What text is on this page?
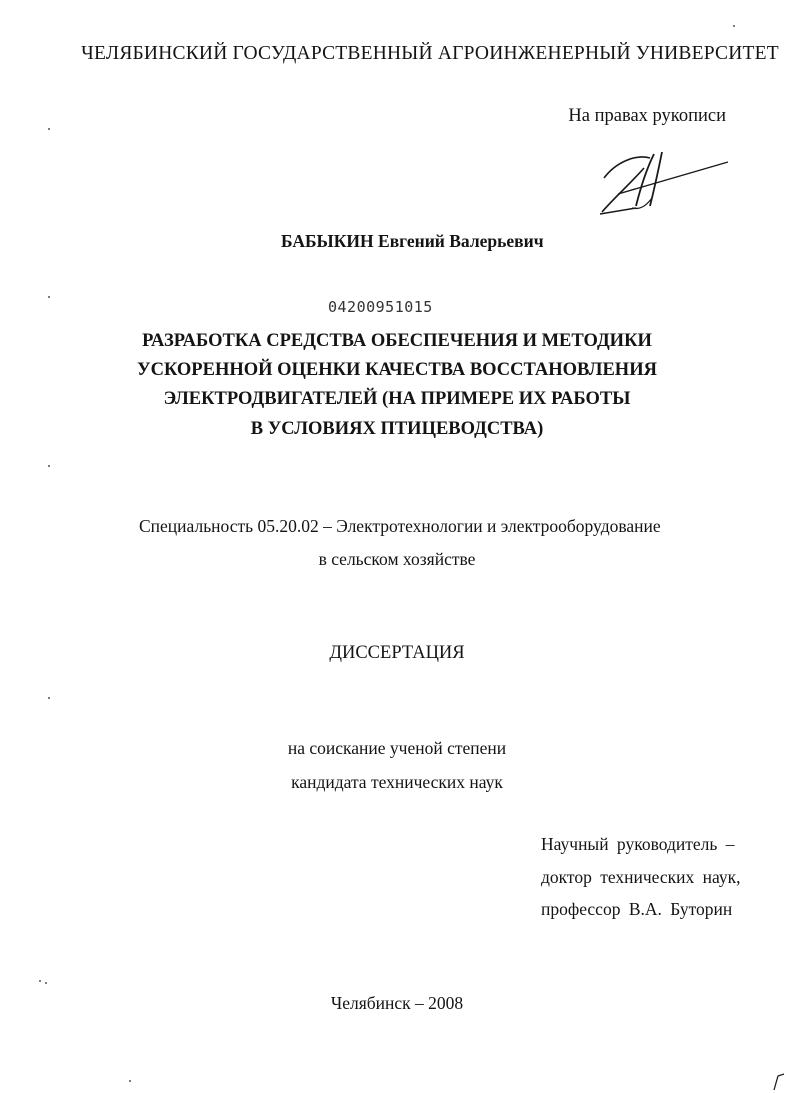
ЧЕЛЯБИНСКИЙ ГОСУДАРСТВЕННЫЙ АГРОИНЖЕНЕРНЫЙ УНИВЕРСИТЕТ
На правах рукописи
БАБЫКИН Евгений Валерьевич
04200951015
РАЗРАБОТКА СРЕДСТВА ОБЕСПЕЧЕНИЯ И МЕТОДИКИ
УСКОРЕННОЙ ОЦЕНКИ КАЧЕСТВА ВОССТАНОВЛЕНИЯ
ЭЛЕКТРОДВИГАТЕЛЕЙ (НА ПРИМЕРЕ ИХ РАБОТЫ
В УСЛОВИЯХ ПТИЦЕВОДСТВА)
Специальность 05.20.02 – Электротехнологии и электрооборудование
в сельском хозяйстве
ДИССЕРТАЦИЯ
на соискание ученой степени
кандидата технических наук
Научный руководитель –
доктор технических наук,
профессор В.А. Буторин
Челябинск – 2008
